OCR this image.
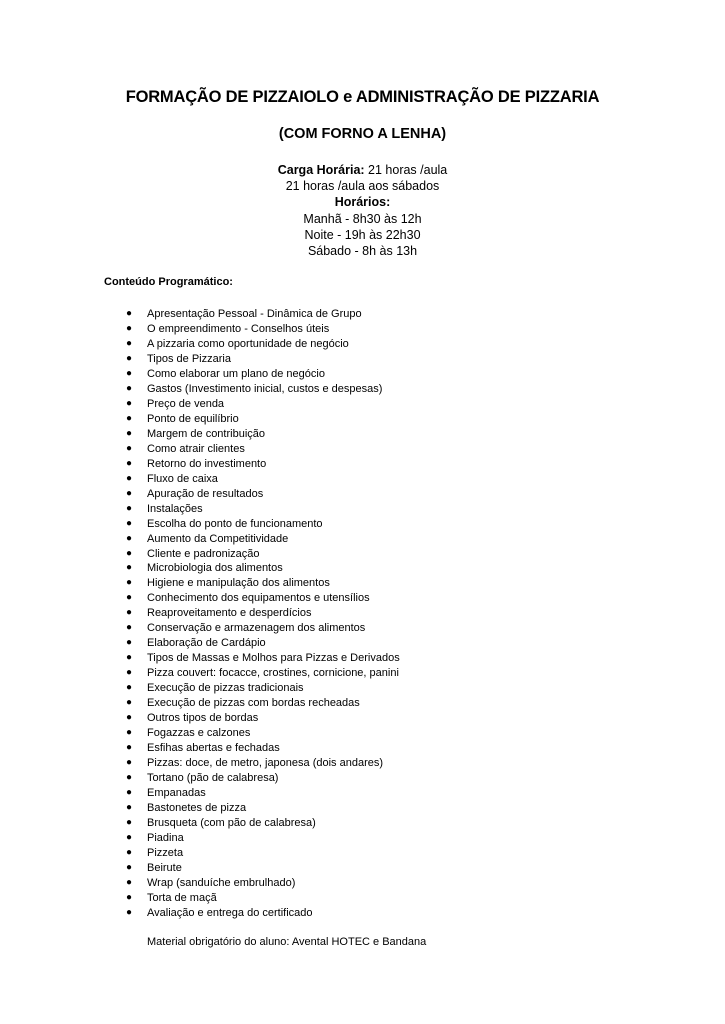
FORMAÇÃO DE PIZZAIOLO e ADMINISTRAÇÃO DE PIZZARIA
(COM FORNO A LENHA)
Carga Horária: 21 horas /aula
21 horas /aula aos sábados
Horários:
Manhã - 8h30 às 12h
Noite - 19h às 22h30
Sábado - 8h às 13h
Conteúdo Programático:
● Apresentação Pessoal - Dinâmica de Grupo
● O empreendimento - Conselhos úteis
● A pizzaria como oportunidade de negócio
● Tipos de Pizzaria
● Como elaborar um plano de negócio
● Gastos (Investimento inicial, custos e despesas)
● Preço de venda
● Ponto de equilíbrio
● Margem de contribuição
● Como atrair clientes
● Retorno do investimento
● Fluxo de caixa
● Apuração de resultados
● Instalações
● Escolha do ponto de funcionamento
● Aumento da Competitividade
● Cliente e padronização
● Microbiologia dos alimentos
● Higiene e manipulação dos alimentos
● Conhecimento dos equipamentos e utensílios
● Reaproveitamento e desperdícios
● Conservação e armazenagem dos alimentos
● Elaboração de Cardápio
● Tipos de Massas e Molhos para Pizzas e Derivados
● Pizza couvert: focacce, crostines, cornicione, panini
● Execução de pizzas tradicionais
● Execução de pizzas com bordas recheadas
● Outros tipos de bordas
● Fogazzas e calzones
● Esfihas abertas e fechadas
● Pizzas: doce, de metro, japonesa (dois andares)
● Tortano (pão de calabresa)
● Empanadas
● Bastonetes de pizza
● Brusqueta (com pão de calabresa)
● Piadina
● Pizzeta
● Beirute
● Wrap (sanduíche embrulhado)
● Torta de maçã
● Avaliação e entrega do certificado
Material obrigatório do aluno: Avental HOTEC e Bandana
